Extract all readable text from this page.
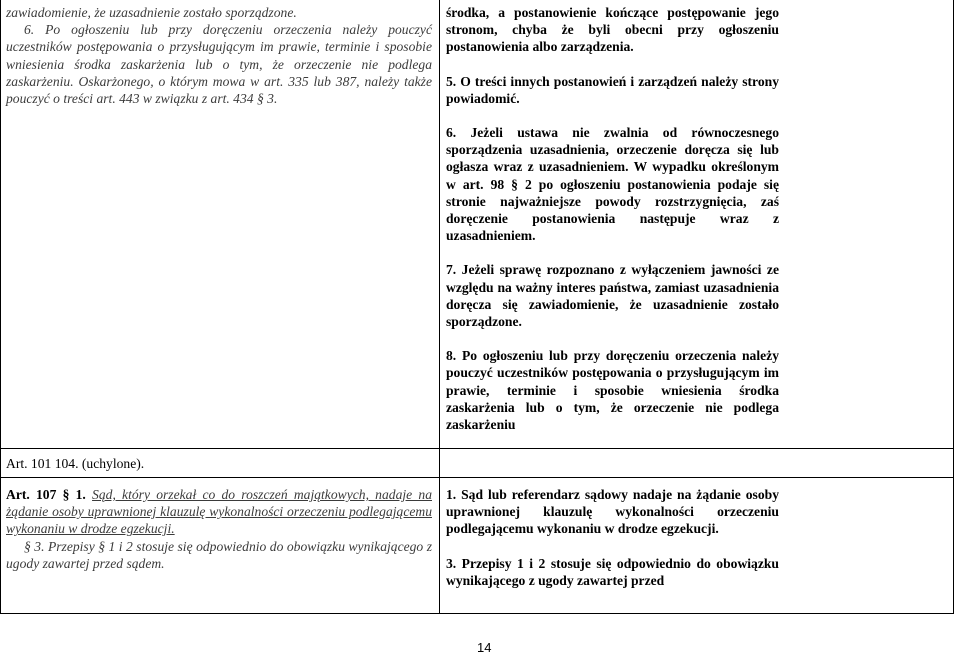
zawiadomienie, że uzasadnienie zostało sporządzone.

6. Po ogłoszeniu lub przy doręczeniu orzeczenia należy pouczyć uczestników postępowania o przysługującym im prawie, terminie i sposobie wniesienia środka zaskarżenia lub o tym, że orzeczenie nie podlega zaskarżeniu. Oskarżonego, o którym mowa w art. 335 lub 387, należy także pouczyć o treści art. 443 w związku z art. 434 § 3.

środka, a postanowienie kończące postępowanie jego stronom, chyba że byli obecni przy ogłoszeniu postanowienia albo zarządzenia.

5. O treści innych postanowień i zarządzeń należy strony powiadomić.

6. Jeżeli ustawa nie zwalnia od równoczesnego sporządzenia uzasadnienia, orzeczenie doręcza się lub ogłasza wraz z uzasadnieniem. W wypadku określonym w art. 98 § 2 po ogłoszeniu postanowienia podaje się stronie najważniejsze powody rozstrzygnięcia, zaś doręczenie postanowienia następuje wraz z uzasadnieniem.

7. Jeżeli sprawę rozpoznano z wyłączeniem jawności ze względu na ważny interes państwa, zamiast uzasadnienia doręcza się zawiadomienie, że uzasadnienie zostało sporządzone.

8. Po ogłoszeniu lub przy doręczeniu orzeczenia należy pouczyć uczestników postępowania o przysługującym im prawie, terminie i sposobie wniesienia środka zaskarżenia lub o tym, że orzeczenie nie podlega zaskarżeniu

Art. 101 104. (uchylone).

Art. 107 § 1. Sąd, który orzekał co do roszczeń majątkowych, nadaje na żądanie osoby uprawnionej klauzulę wykonalności orzeczeniu podlegającemu wykonaniu w drodze egzekucji.

§ 3. Przepisy § 1 i 2 stosuje się odpowiednio do obowiązku wynikającego z ugody zawartej przed sądem.

1. Sąd lub referendarz sądowy nadaje na żądanie osoby uprawnionej klauzulę wykonalności orzeczeniu podlegającemu wykonaniu w drodze egzekucji.

3. Przepisy 1 i 2 stosuje się odpowiednio do obowiązku wynikającego z ugody zawartej przed

14
